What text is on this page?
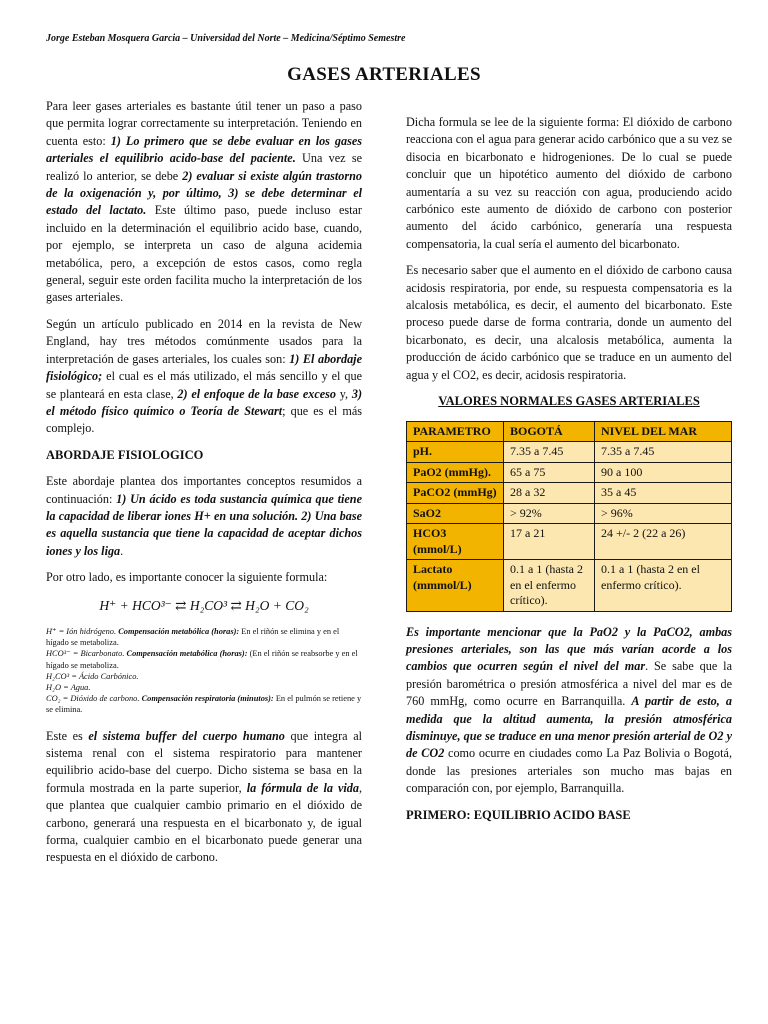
Jorge Esteban Mosquera Garcia – Universidad del Norte – Medicina/Séptimo Semestre
GASES ARTERIALES

Para leer gases arteriales es bastante útil tener un paso a paso que permita lograr correctamente su interpretación. Teniendo en cuenta esto: 1) Lo primero que se debe evaluar en los gases arteriales el equilibrio acido-base del paciente. Una vez se realizó lo anterior, se debe 2) evaluar si existe algún trastorno de la oxigenación y, por último, 3) se debe determinar el estado del lactato. Este último paso, puede incluso estar incluido en la determinación el equilibrio acido base, cuando, por ejemplo, se interpreta un caso de alguna acidemia metabólica, pero, a excepción de estos casos, como regla general, seguir este orden facilita mucho la interpretación de los gases arteriales.

Según un artículo publicado en 2014 en la revista de New England, hay tres métodos comúnmente usados para la interpretación de gases arteriales, los cuales son: 1) El abordaje fisiológico; el cual es el más utilizado, el más sencillo y el que se planteará en esta clase, 2) el enfoque de la base exceso y, 3) el método físico químico o Teoría de Stewart; que es el más complejo.

ABORDAJE FISIOLOGICO

Este abordaje plantea dos importantes conceptos resumidos a continuación: 1) Un ácido es toda sustancia química que tiene la capacidad de liberar iones H+ en una solución. 2) Una base es aquella sustancia que tiene la capacidad de aceptar dichos iones y los liga.

Por otro lado, es importante conocer la siguiente formula:

H⁺ + HCO³⁻ ⇄ H₂CO³ ⇄ H₂O + CO₂
H⁺ = Ión hidrógeno. Compensación metabólica (horas): En el riñón se elimina y en el hígado se metaboliza.
HCO³⁻ = Bicarbonato. Compensación metabólica (horas): (En el riñón se reabsorbe y en el hígado se metaboliza.
H₂CO³ = Ácido Carbónico.
H₂O = Agua.
CO₂ = Dióxido de carbono. Compensación respiratoria (minutos): En el pulmón se retiene y se elimina.

Este es el sistema buffer del cuerpo humano que integra al sistema renal con el sistema respiratorio para mantener equilibrio acido-base del cuerpo. Dicho sistema se basa en la formula mostrada en la parte superior, la fórmula de la vida, que plantea que cualquier cambio primario en el dióxido de carbono, generará una respuesta en el bicarbonato y, de igual forma, cualquier cambio en el bicarbonato puede generar una respuesta en el dióxido de carbono.

Dicha formula se lee de la siguiente forma: El dióxido de carbono reacciona con el agua para generar acido carbónico que a su vez se disocia en bicarbonato e hidrogeniones. De lo cual se puede concluir que un hipotético aumento del dióxido de carbono aumentaría a su vez su reacción con agua, produciendo acido carbónico este aumento de dióxido de carbono con posterior aumento del ácido carbónico, generaría una respuesta compensatoria, la cual sería el aumento del bicarbonato.

Es necesario saber que el aumento en el dióxido de carbono causa acidosis respiratoria, por ende, su respuesta compensatoria es la alcalosis metabólica, es decir, el aumento del bicarbonato. Este proceso puede darse de forma contraria, donde un aumento del bicarbonato, es decir, una alcalosis metabólica, aumenta la producción de ácido carbónico que se traduce en un aumento del agua y el CO2, es decir, acidosis respiratoria.

VALORES NORMALES GASES ARTERIALES
PARAMETRO	BOGOTÁ	NIVEL DEL MAR
pH.	7.35 a 7.45	7.35 a 7.45
PaO2 (mmHg).	65 a 75	90 a 100
PaCO2 (mmHg)	28 a 32	35 a 45
SaO2	> 92%	> 96%
HCO3 (mmol/L)	17 a 21	24 +/- 2 (22 a 26)
Lactato (mmmol/L)	0.1 a 1 (hasta 2 en el enfermo crítico).	0.1 a 1 (hasta 2 en el enfermo crítico).

Es importante mencionar que la PaO2 y la PaCO2, ambas presiones arteriales, son las que más varían acorde a los cambios que ocurren según el nivel del mar. Se sabe que la presión barométrica o presión atmosférica a nivel del mar es de 760 mmHg, como ocurre en Barranquilla. A partir de esto, a medida que la altitud aumenta, la presión atmosférica disminuye, que se traduce en una menor presión arterial de O2 y de CO2 como ocurre en ciudades como La Paz Bolivia o Bogotá, donde las presiones arteriales son mucho mas bajas en comparación con, por ejemplo, Barranquilla.

PRIMERO: EQUILIBRIO ACIDO BASE
